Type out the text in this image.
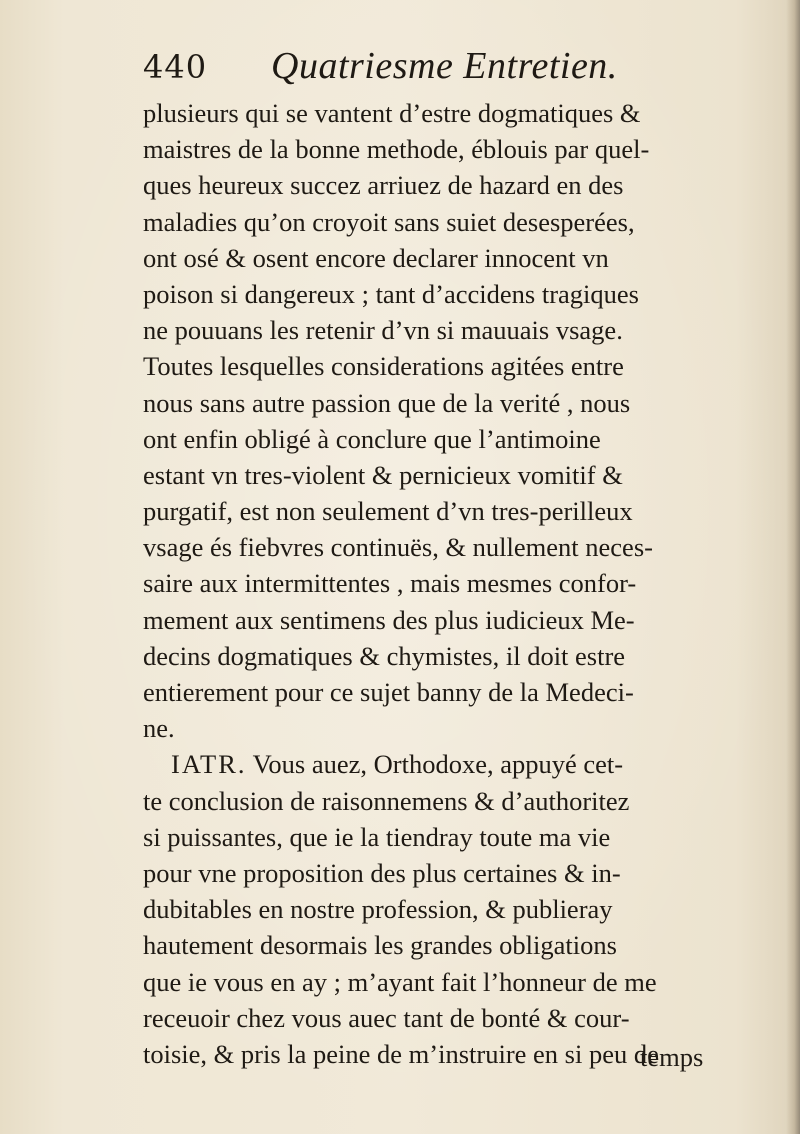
440 Quatriesme Entretien.
plusieurs qui se vantent d’estre dogmatiques &
maistres de la bonne methode, éblouis par quel-
ques heureux succez arriuez de hazard en des
maladies qu’on croyoit sans suiet desesperées,
ont osé & osent encore declarer innocent vn
poison si dangereux ; tant d’accidens tragiques
ne pouuans les retenir d’vn si mauuais vsage.
Toutes lesquelles considerations agitées entre
nous sans autre passion que de la verité , nous
ont enfin obligé à conclure que l’antimoine
estant vn tres-violent & pernicieux vomitif &
purgatif, est non seulement d’vn tres-perilleux
vsage és fiebvres continuës, & nullement neces-
saire aux intermittentes , mais mesmes confor-
mement aux sentimens des plus iudicieux Me-
decins dogmatiques & chymistes, il doit estre
entierement pour ce sujet banny de la Medeci-
ne.
IATR. Vous auez, Orthodoxe, appuyé cet-
te conclusion de raisonnemens & d’authoritez
si puissantes, que ie la tiendray toute ma vie
pour vne proposition des plus certaines & in-
dubitables en nostre profession, & publieray
hautement desormais les grandes obligations
que ie vous en ay ; m’ayant fait l’honneur de me
receuoir chez vous auec tant de bonté & cour-
toisie, & pris la peine de m’instruire en si peu de
temps
